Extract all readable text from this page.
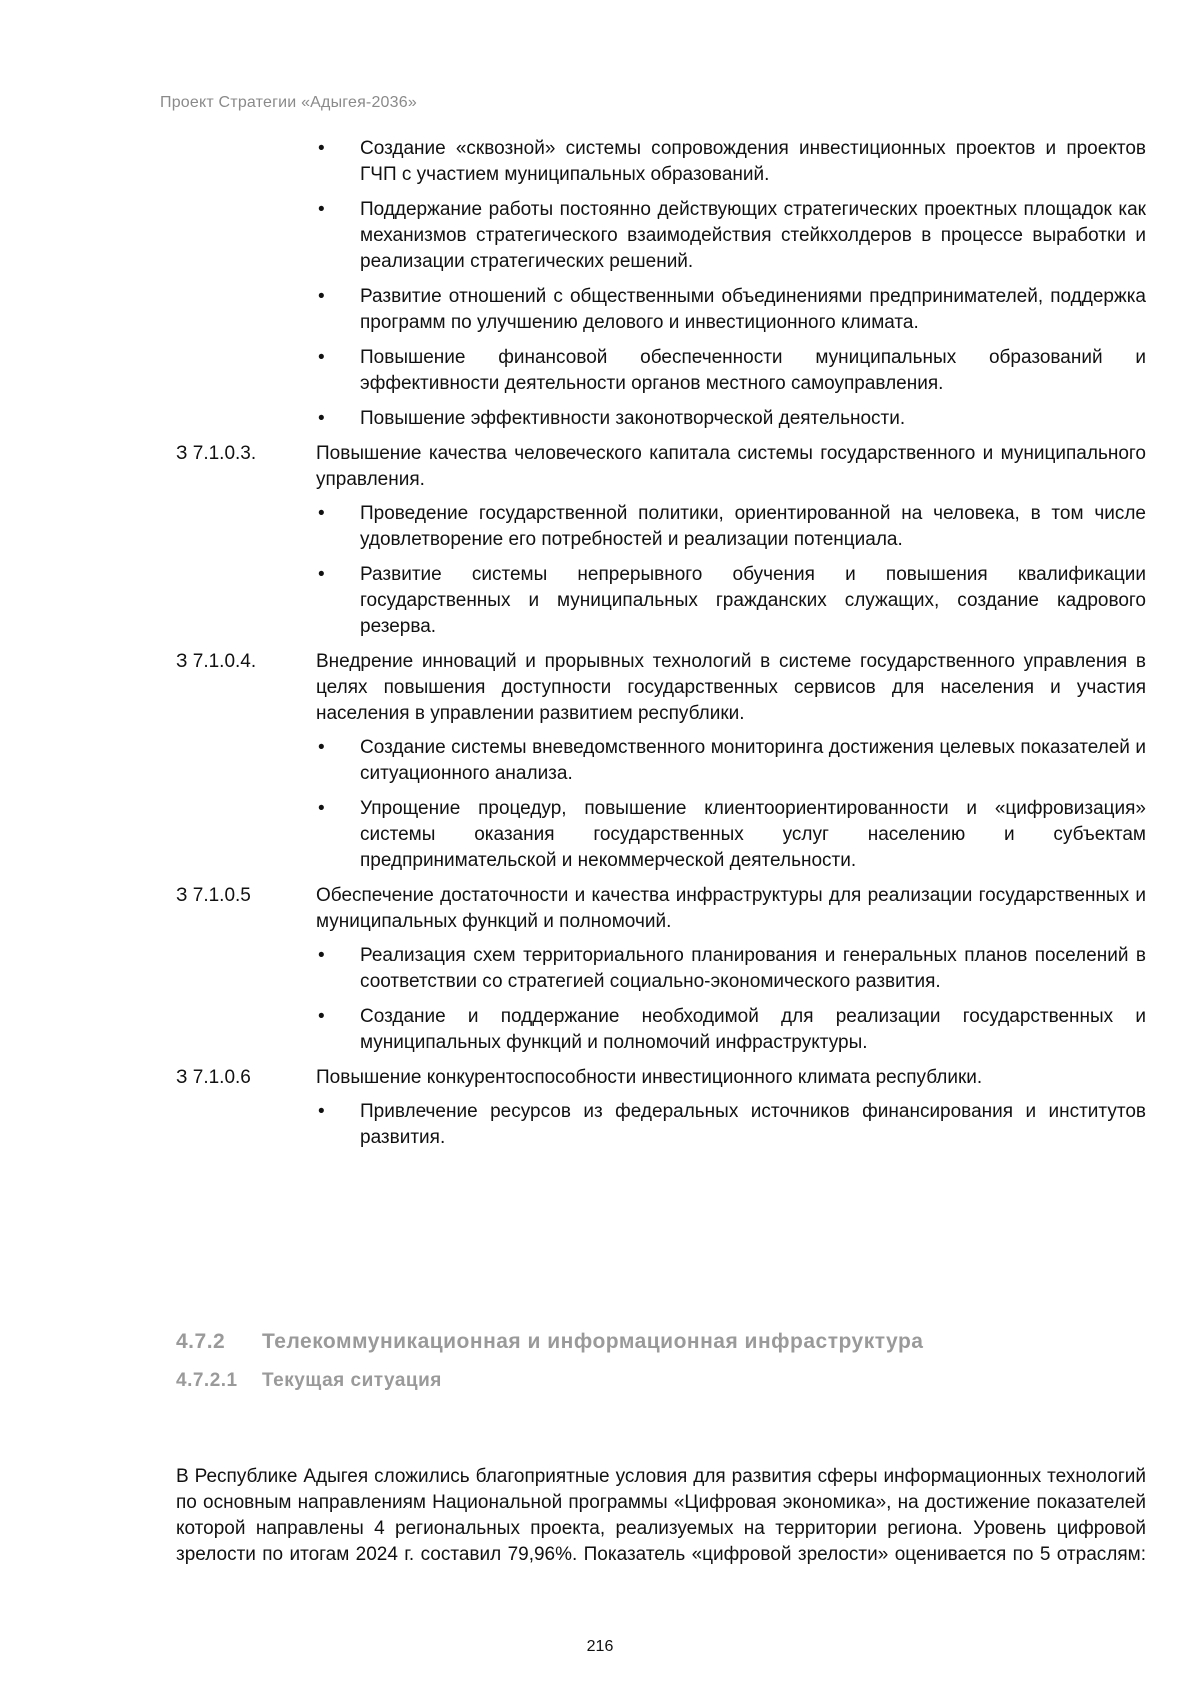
Проект Стратегии «Адыгея-2036»
• Создание «сквозной» системы сопровождения инвестиционных проектов и проектов ГЧП с участием муниципальных образований.
• Поддержание работы постоянно действующих стратегических проектных площадок как механизмов стратегического взаимодействия стейкхолдеров в процессе выработки и реализации стратегических решений.
• Развитие отношений с общественными объединениями предпринимателей, поддержка программ по улучшению делового и инвестиционного климата.
• Повышение финансовой обеспеченности муниципальных образований и эффективности деятельности органов местного самоуправления.
• Повышение эффективности законотворческой деятельности.
З 7.1.0.3.	Повышение качества человеческого капитала системы государственного и муниципального управления.
• Проведение государственной политики, ориентированной на человека, в том числе удовлетворение его потребностей и реализации потенциала.
• Развитие системы непрерывного обучения и повышения квалификации государственных и муниципальных гражданских служащих, создание кадрового резерва.
З 7.1.0.4.	Внедрение инноваций и прорывных технологий в системе государственного управления в целях повышения доступности государственных сервисов для населения и участия населения в управлении развитием республики.
• Создание системы вневедомственного мониторинга достижения целевых показателей и ситуационного анализа.
• Упрощение процедур, повышение клиентоориентированности и «цифровизация» системы оказания государственных услуг населению и субъектам предпринимательской и некоммерческой деятельности.
З 7.1.0.5	Обеспечение достаточности и качества инфраструктуры для реализации государственных и муниципальных функций и полномочий.
• Реализация схем территориального планирования и генеральных планов поселений в соответствии со стратегией социально-экономического развития.
• Создание и поддержание необходимой для реализации государственных и муниципальных функций и полномочий инфраструктуры.
З 7.1.0.6	Повышение конкурентоспособности инвестиционного климата республики.
• Привлечение ресурсов из федеральных источников финансирования и институтов развития.
4.7.2	Телекоммуникационная и информационная инфраструктура
4.7.2.1	Текущая ситуация

В Республике Адыгея сложились благоприятные условия для развития сферы информационных технологий по основным направлениям Национальной программы «Цифровая экономика», на достижение показателей которой направлены 4 региональных проекта, реализуемых на территории региона. Уровень цифровой зрелости по итогам 2024 г. составил 79,96%. Показатель «цифровой зрелости» оценивается по 5 отраслям:

216
